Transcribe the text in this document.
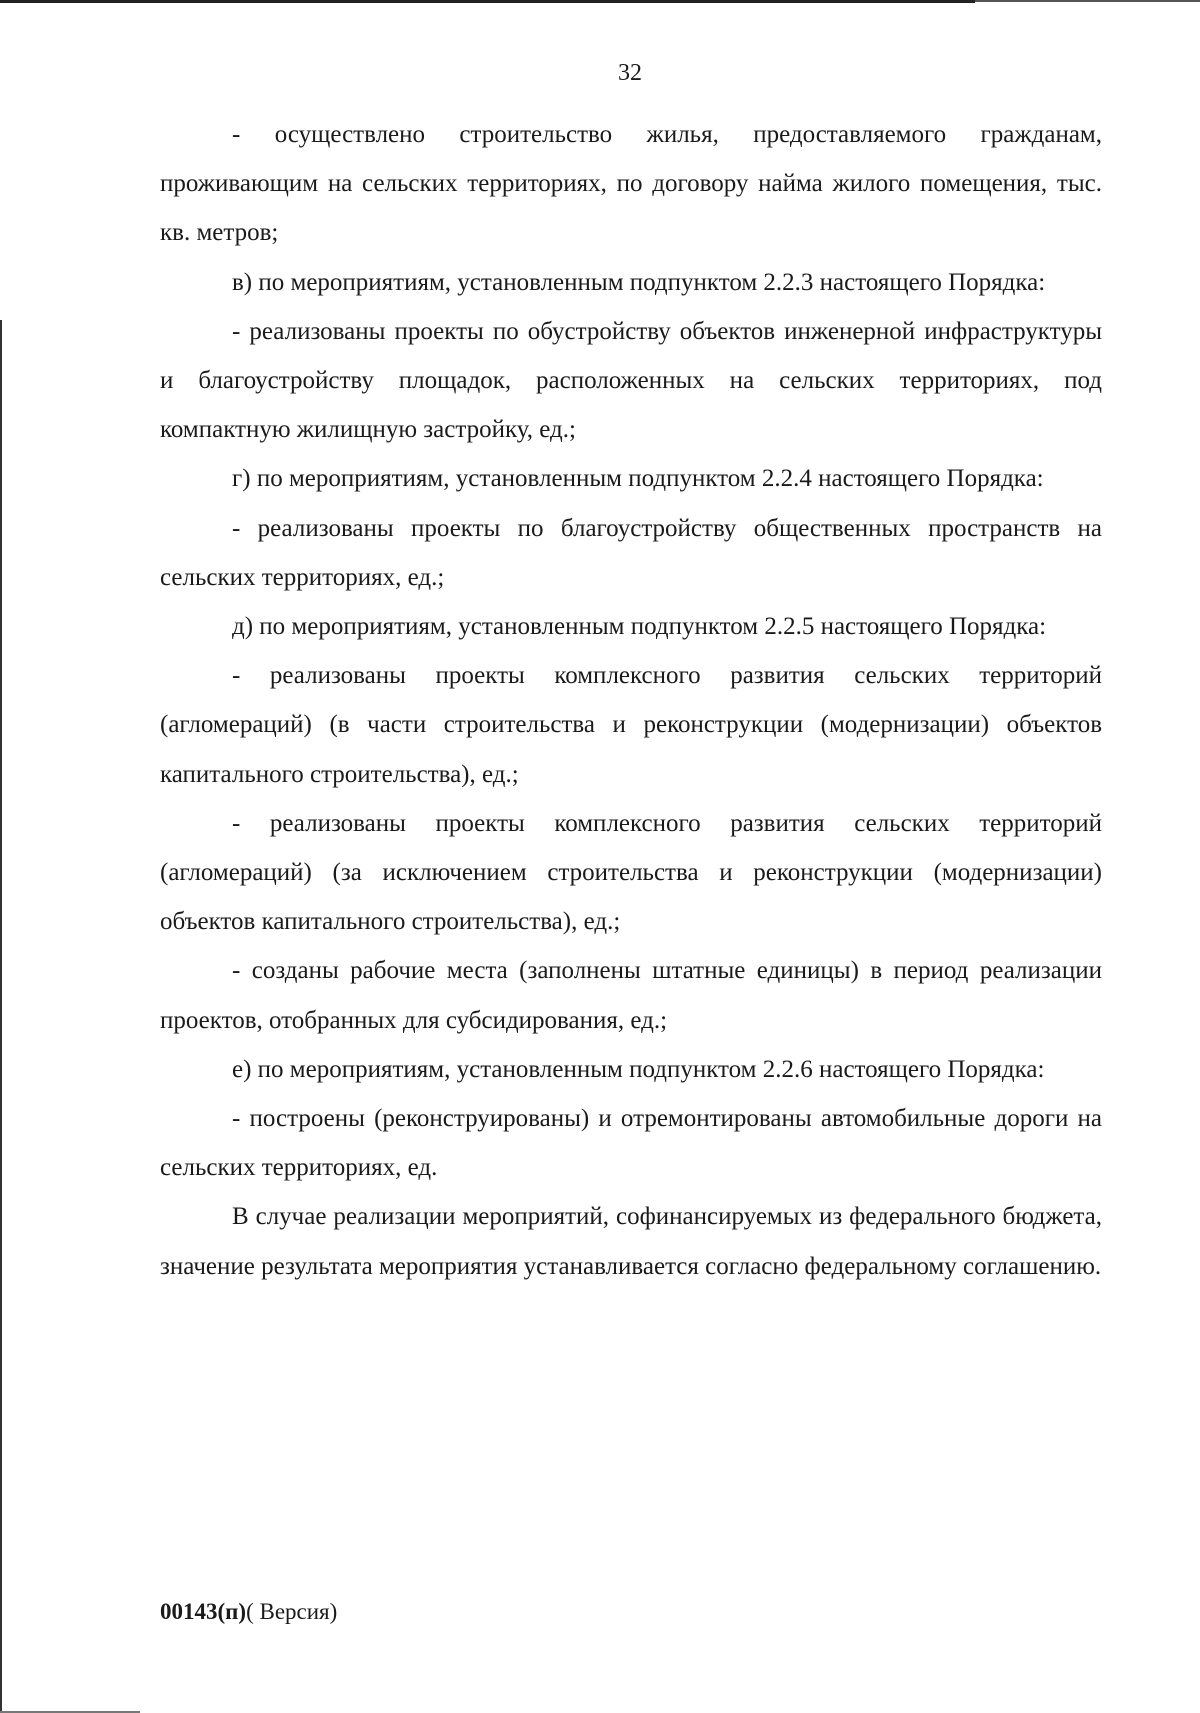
32

- осуществлено строительство жилья, предоставляемого гражданам, проживающим на сельских территориях, по договору найма жилого помещения, тыс. кв. метров;

в) по мероприятиям, установленным подпунктом 2.2.3 настоящего Порядка:

- реализованы проекты по обустройству объектов инженерной инфраструктуры и благоустройству площадок, расположенных на сельских территориях, под компактную жилищную застройку, ед.;

г) по мероприятиям, установленным подпунктом 2.2.4 настоящего Порядка:

- реализованы проекты по благоустройству общественных пространств на сельских территориях, ед.;

д) по мероприятиям, установленным подпунктом 2.2.5 настоящего Порядка:

- реализованы проекты комплексного развития сельских территорий (агломераций) (в части строительства и реконструкции (модернизации) объектов капитального строительства), ед.;

- реализованы проекты комплексного развития сельских территорий (агломераций) (за исключением строительства и реконструкции (модернизации) объектов капитального строительства), ед.;

- созданы рабочие места (заполнены штатные единицы) в период реализации проектов, отобранных для субсидирования, ед.;

е) по мероприятиям, установленным подпунктом 2.2.6 настоящего Порядка:

- построены (реконструированы) и отремонтированы автомобильные дороги на сельских территориях, ед.

В случае реализации мероприятий, софинансируемых из федерального бюджета, значение результата мероприятия устанавливается согласно федеральному соглашению.

00143(п)( Версия)
